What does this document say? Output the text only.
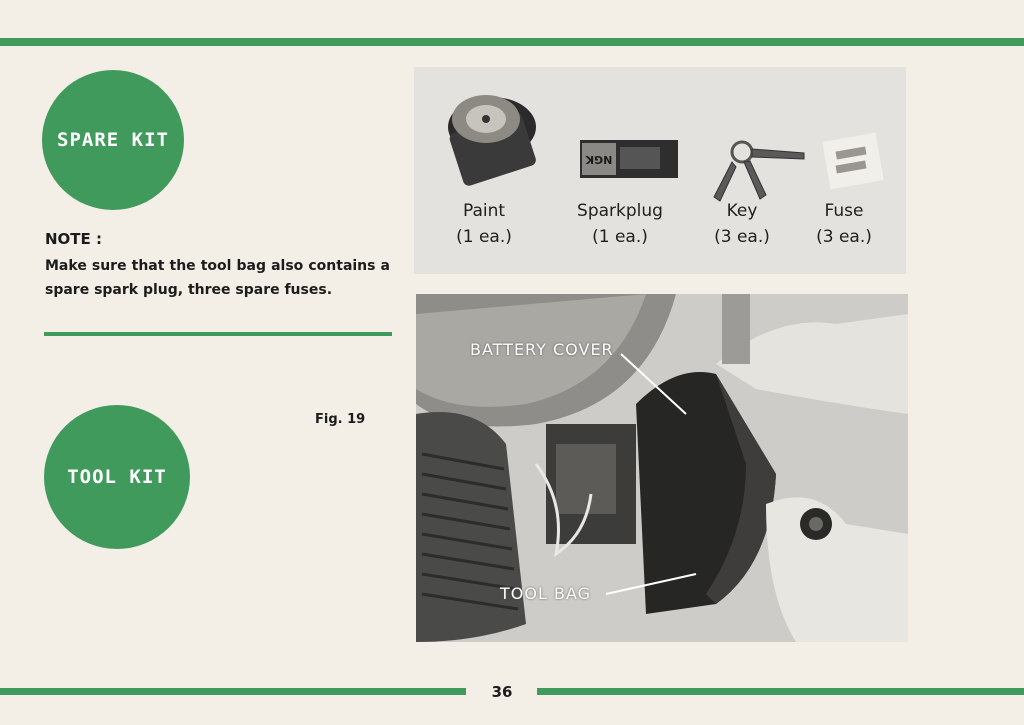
SPARE KIT
NOTE :
Make sure that the tool bag also contains a spare spark plug, three spare fuses.
Fig. 19
TOOL KIT
NGK
Paint
(1 ea.)
Sparkplug
(1 ea.)
Key
(3 ea.)
Fuse
(3 ea.)
BATTERY COVER
TOOL BAG
36
